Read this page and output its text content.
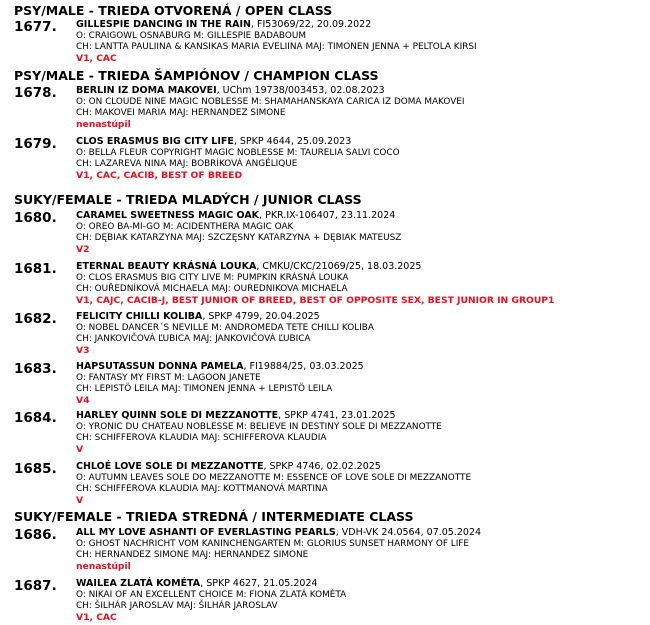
PSY/MALE - TRIEDA OTVORENÁ / OPEN CLASS
1677. GILLESPIE DANCING IN THE RAIN, FI53069/22, 20.09.2022
O: CRAIGOWL OSNABURG M: GILLESPIE BADABOUM
CH: LANTTA PAULIINA & KANSIKAS MARIA EVELIINA MAJ: TIMONEN JENNA + PELTOLA KIRSI
V1, CAC
PSY/MALE - TRIEDA ŠAMPIÓNOV / CHAMPION CLASS
1678. BERLIN IZ DOMA MAKOVEI, UChm 19738/003453, 02.08.2023
O: ON CLOUDE NINE MAGIC NOBLESSE M: SHAMAHANSKAYA CARICA IZ DOMA MAKOVEI
CH: MAKOVEI MARIA MAJ: HERNANDEZ SIMONE
nenastúpil
1679. CLOS ERASMUS BIG CITY LIFE, SPKP 4644, 25.09.2023
O: BELLA FLEUR COPYRIGHT MAGIC NOBLESSE M: TAURELIA SALVI COCO
CH: LAZAREVA NINA MAJ: BOBRÍKOVÁ ANGÉLIQUE
V1, CAC, CACIB, BEST OF BREED
SUKY/FEMALE - TRIEDA MLADÝCH / JUNIOR CLASS
1680. CARAMEL SWEETNESS MAGIC OAK, PKR.IX-106407, 23.11.2024
O: OREO BA-MI-GO M: ACIDENTHERA MAGIC OAK
CH: DĘBIAK KATARZYNA MAJ: SZCZĘSNY KATARZYNA + DĘBIAK MATEUSZ
V2
1681. ETERNAL BEAUTY KRÁSNÁ LOUKA, CMKU/CKC/21069/25, 18.03.2025
O: CLOS ERASMUS BIG CITY LIVE M: PUMPKIN KRÁSNÁ LOUKA
CH: OUŘEDNÍKOVÁ MICHAELA MAJ: OUREDNIKOVA MICHAELA
V1, CAJC, CACIB-J, BEST JUNIOR OF BREED, BEST OF OPPOSITE SEX, BEST JUNIOR IN GROUP1
1682. FELICITY CHILLI KOLIBA, SPKP 4799, 20.04.2025
O: NOBEL DANCER´S NEVILLE M: ANDROMEDA TETE CHILLI KOLIBA
CH: JANKOVIČOVÁ ĽUBICA MAJ: JANKOVIČOVÁ ĽUBICA
V3
1683. HAPSUTASSUN DONNA PAMELA, FI19884/25, 03.03.2025
O: FANTASY MY FIRST M: LAGOON JANETE
CH: LEPISTÖ LEILA MAJ: TIMONEN JENNA + LEPISTÖ LEILA
V4
1684. HARLEY QUINN SOLE DI MEZZANOTTE, SPKP 4741, 23.01.2025
O: YRONIC DU CHATEAU NOBLESSE M: BELIEVE IN DESTINY SOLE DI MEZZANOTTE
CH: SCHIFFEROVA KLAUDIA MAJ: SCHIFFEROVA KLAUDIA
V
1685. CHLOÉ LOVE SOLE DI MEZZANOTTE, SPKP 4746, 02.02.2025
O: AUTUMN LEAVES SOLE DO MEZZANOTTE M: ESSENCE OF LOVE SOLE DI MEZZANOTTE
CH: SCHIFFEROVA KLAUDIA MAJ: KOTTMANOVÁ MARTINA
V
SUKY/FEMALE - TRIEDA STREDNÁ / INTERMEDIATE CLASS
1686. ALL MY LOVE ASHANTI OF EVERLASTING PEARLS, VDH-VK 24.0564, 07.05.2024
O: GHOST NACHRICHT VOM KANINCHENGARTEN M: GLORIUS SUNSET HARMONY OF LIFE
CH: HERNANDEZ SIMONE MAJ: HERNANDEZ SIMONE
nenastúpil
1687. WAILEA ZLATÁ KOMÉTA, SPKP 4627, 21.05.2024
O: NIKAI OF AN EXCELLENT CHOICE M: FIONA ZLATÁ KOMÉTA
CH: ŠILHÁR JAROSLAV MAJ: ŠILHÁR JAROSLAV
V1, CAC
